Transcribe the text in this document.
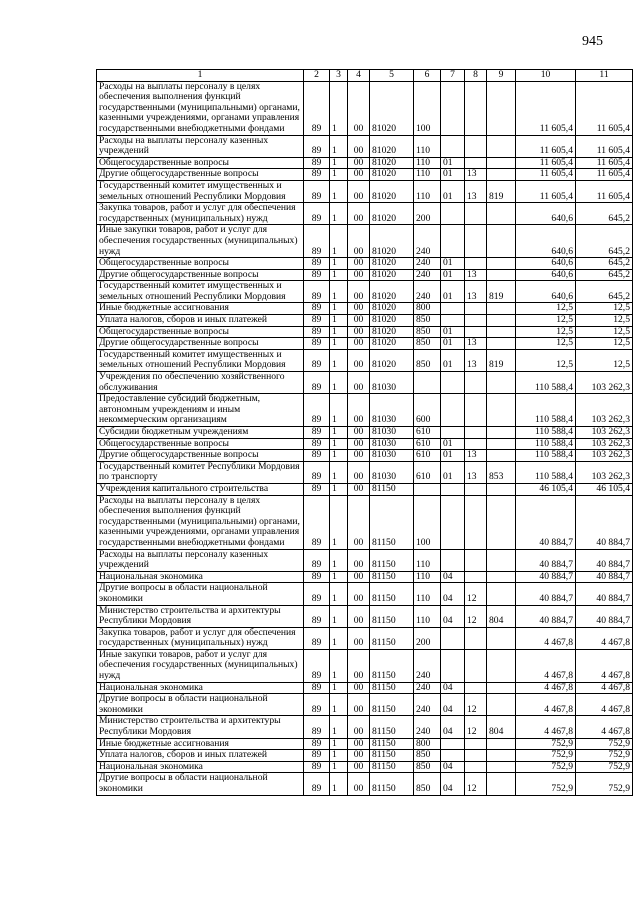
945
1	2	3	4	5	6	7	8	9	10	11
Расходы на выплаты персоналу в целях обеспечения выполнения функций государственными (муниципальными) органами, казенными учреждениями, органами управления государственными внебюджетными фондами	89	1	00	81020	100				11 605,4	11 605,4
Расходы на выплаты персоналу казенных учреждений	89	1	00	81020	110				11 605,4	11 605,4
Общегосударственные вопросы	89	1	00	81020	110	01			11 605,4	11 605,4
Другие общегосударственные вопросы	89	1	00	81020	110	01	13		11 605,4	11 605,4
Государственный комитет имущественных и земельных отношений Республики Мордовия	89	1	00	81020	110	01	13	819	11 605,4	11 605,4
Закупка товаров, работ и услуг для обеспечения государственных (муниципальных) нужд	89	1	00	81020	200				640,6	645,2
Иные закупки товаров, работ и услуг для обеспечения государственных (муниципальных) нужд	89	1	00	81020	240				640,6	645,2
Общегосударственные вопросы	89	1	00	81020	240	01			640,6	645,2
Другие общегосударственные вопросы	89	1	00	81020	240	01	13		640,6	645,2
Государственный комитет имущественных и земельных отношений Республики Мордовия	89	1	00	81020	240	01	13	819	640,6	645,2
Иные бюджетные ассигнования	89	1	00	81020	800				12,5	12,5
Уплата налогов, сборов и иных платежей	89	1	00	81020	850				12,5	12,5
Общегосударственные вопросы	89	1	00	81020	850	01			12,5	12,5
Другие общегосударственные вопросы	89	1	00	81020	850	01	13		12,5	12,5
Государственный комитет имущественных и земельных отношений Республики Мордовия	89	1	00	81020	850	01	13	819	12,5	12,5
Учреждения по обеспечению хозяйственного обслуживания	89	1	00	81030					110 588,4	103 262,3
Предоставление субсидий бюджетным, автономным учреждениям и иным некоммерческим организациям	89	1	00	81030	600				110 588,4	103 262,3
Субсидии бюджетным учреждениям	89	1	00	81030	610				110 588,4	103 262,3
Общегосударственные вопросы	89	1	00	81030	610	01			110 588,4	103 262,3
Другие общегосударственные вопросы	89	1	00	81030	610	01	13		110 588,4	103 262,3
Государственный комитет Республики Мордовия по транспорту	89	1	00	81030	610	01	13	853	110 588,4	103 262,3
Учреждения капитального строительства	89	1	00	81150					46 105,4	46 105,4
Расходы на выплаты персоналу в целях обеспечения выполнения функций государственными (муниципальными) органами, казенными учреждениями, органами управления государственными внебюджетными фондами	89	1	00	81150	100				40 884,7	40 884,7
Расходы на выплаты персоналу казенных учреждений	89	1	00	81150	110				40 884,7	40 884,7
Национальная экономика	89	1	00	81150	110	04			40 884,7	40 884,7
Другие вопросы в области национальной экономики	89	1	00	81150	110	04	12		40 884,7	40 884,7
Министерство строительства и архитектуры Республики Мордовия	89	1	00	81150	110	04	12	804	40 884,7	40 884,7
Закупка товаров, работ и услуг для обеспечения государственных (муниципальных) нужд	89	1	00	81150	200				4 467,8	4 467,8
Иные закупки товаров, работ и услуг для обеспечения государственных (муниципальных) нужд	89	1	00	81150	240				4 467,8	4 467,8
Национальная экономика	89	1	00	81150	240	04			4 467,8	4 467,8
Другие вопросы в области национальной экономики	89	1	00	81150	240	04	12		4 467,8	4 467,8
Министерство строительства и архитектуры Республики Мордовия	89	1	00	81150	240	04	12	804	4 467,8	4 467,8
Иные бюджетные ассигнования	89	1	00	81150	800				752,9	752,9
Уплата налогов, сборов и иных платежей	89	1	00	81150	850				752,9	752,9
Национальная экономика	89	1	00	81150	850	04			752,9	752,9
Другие вопросы в области национальной экономики	89	1	00	81150	850	04	12		752,9	752,9
